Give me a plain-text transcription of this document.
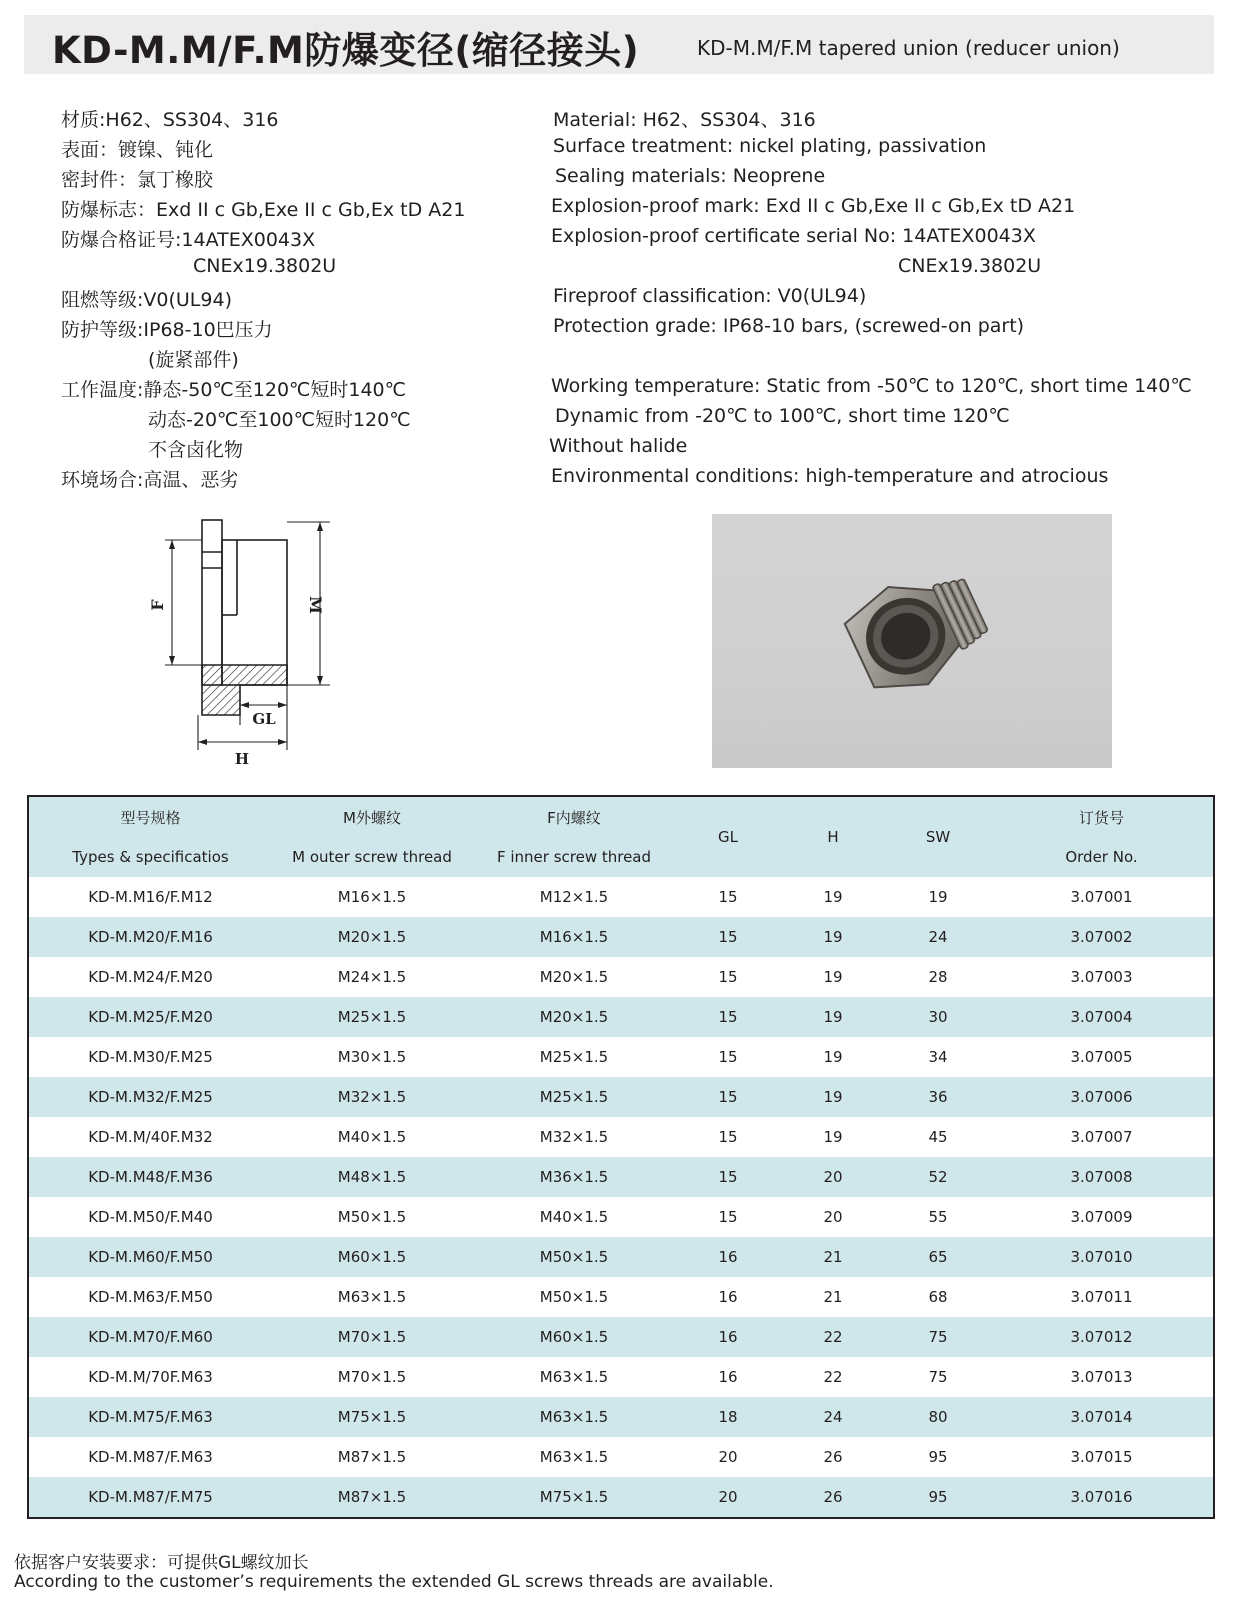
KD-M.M/F.M防爆变径(缩径接头)	KD-M.M/F.M tapered union (reducer union)
材质:H62、SS304、316
表面：镀镍、钝化
密封件：氯丁橡胶
防爆标志：Exd II c Gb,Exe II c Gb,Ex tD A21
防爆合格证号:14ATEX0043X
CNEx19.3802U
阻燃等级:V0(UL94)
防护等级:IP68-10巴压力
(旋紧部件)
工作温度:静态-50℃至120℃短时140℃
动态-20℃至100℃短时120℃
不含卤化物
环境场合:高温、恶劣
Material: H62、SS304、316
Surface treatment: nickel plating, passivation
Sealing materials: Neoprene
Explosion-proof mark: Exd II c Gb,Exe II c Gb,Ex tD A21
Explosion-proof certificate serial No: 14ATEX0043X
CNEx19.3802U
Fireproof classification: V0(UL94)
Protection grade: IP68-10 bars, (screwed-on part)
Working temperature: Static from -50℃ to 120℃, short time 140℃
Dynamic from -20℃ to 100℃, short time 120℃
Without halide
Environmental conditions: high-temperature and atrocious
F	M
GL
H
型号规格	M外螺纹	F内螺纹	GL	H	SW	订货号
Types & specificatios	M outer screw thread	F inner screw thread				Order No.
KD-M.M16/F.M12	M16×1.5	M12×1.5	15	19	19	3.07001
KD-M.M20/F.M16	M20×1.5	M16×1.5	15	19	24	3.07002
KD-M.M24/F.M20	M24×1.5	M20×1.5	15	19	28	3.07003
KD-M.M25/F.M20	M25×1.5	M20×1.5	15	19	30	3.07004
KD-M.M30/F.M25	M30×1.5	M25×1.5	15	19	34	3.07005
KD-M.M32/F.M25	M32×1.5	M25×1.5	15	19	36	3.07006
KD-M.M/40F.M32	M40×1.5	M32×1.5	15	19	45	3.07007
KD-M.M48/F.M36	M48×1.5	M36×1.5	15	20	52	3.07008
KD-M.M50/F.M40	M50×1.5	M40×1.5	15	20	55	3.07009
KD-M.M60/F.M50	M60×1.5	M50×1.5	16	21	65	3.07010
KD-M.M63/F.M50	M63×1.5	M50×1.5	16	21	68	3.07011
KD-M.M70/F.M60	M70×1.5	M60×1.5	16	22	75	3.07012
KD-M.M/70F.M63	M70×1.5	M63×1.5	16	22	75	3.07013
KD-M.M75/F.M63	M75×1.5	M63×1.5	18	24	80	3.07014
KD-M.M87/F.M63	M87×1.5	M63×1.5	20	26	95	3.07015
KD-M.M87/F.M75	M87×1.5	M75×1.5	20	26	95	3.07016
依据客户安装要求：可提供GL螺纹加长
According to the customer’s requirements the extended GL screws threads are available.
